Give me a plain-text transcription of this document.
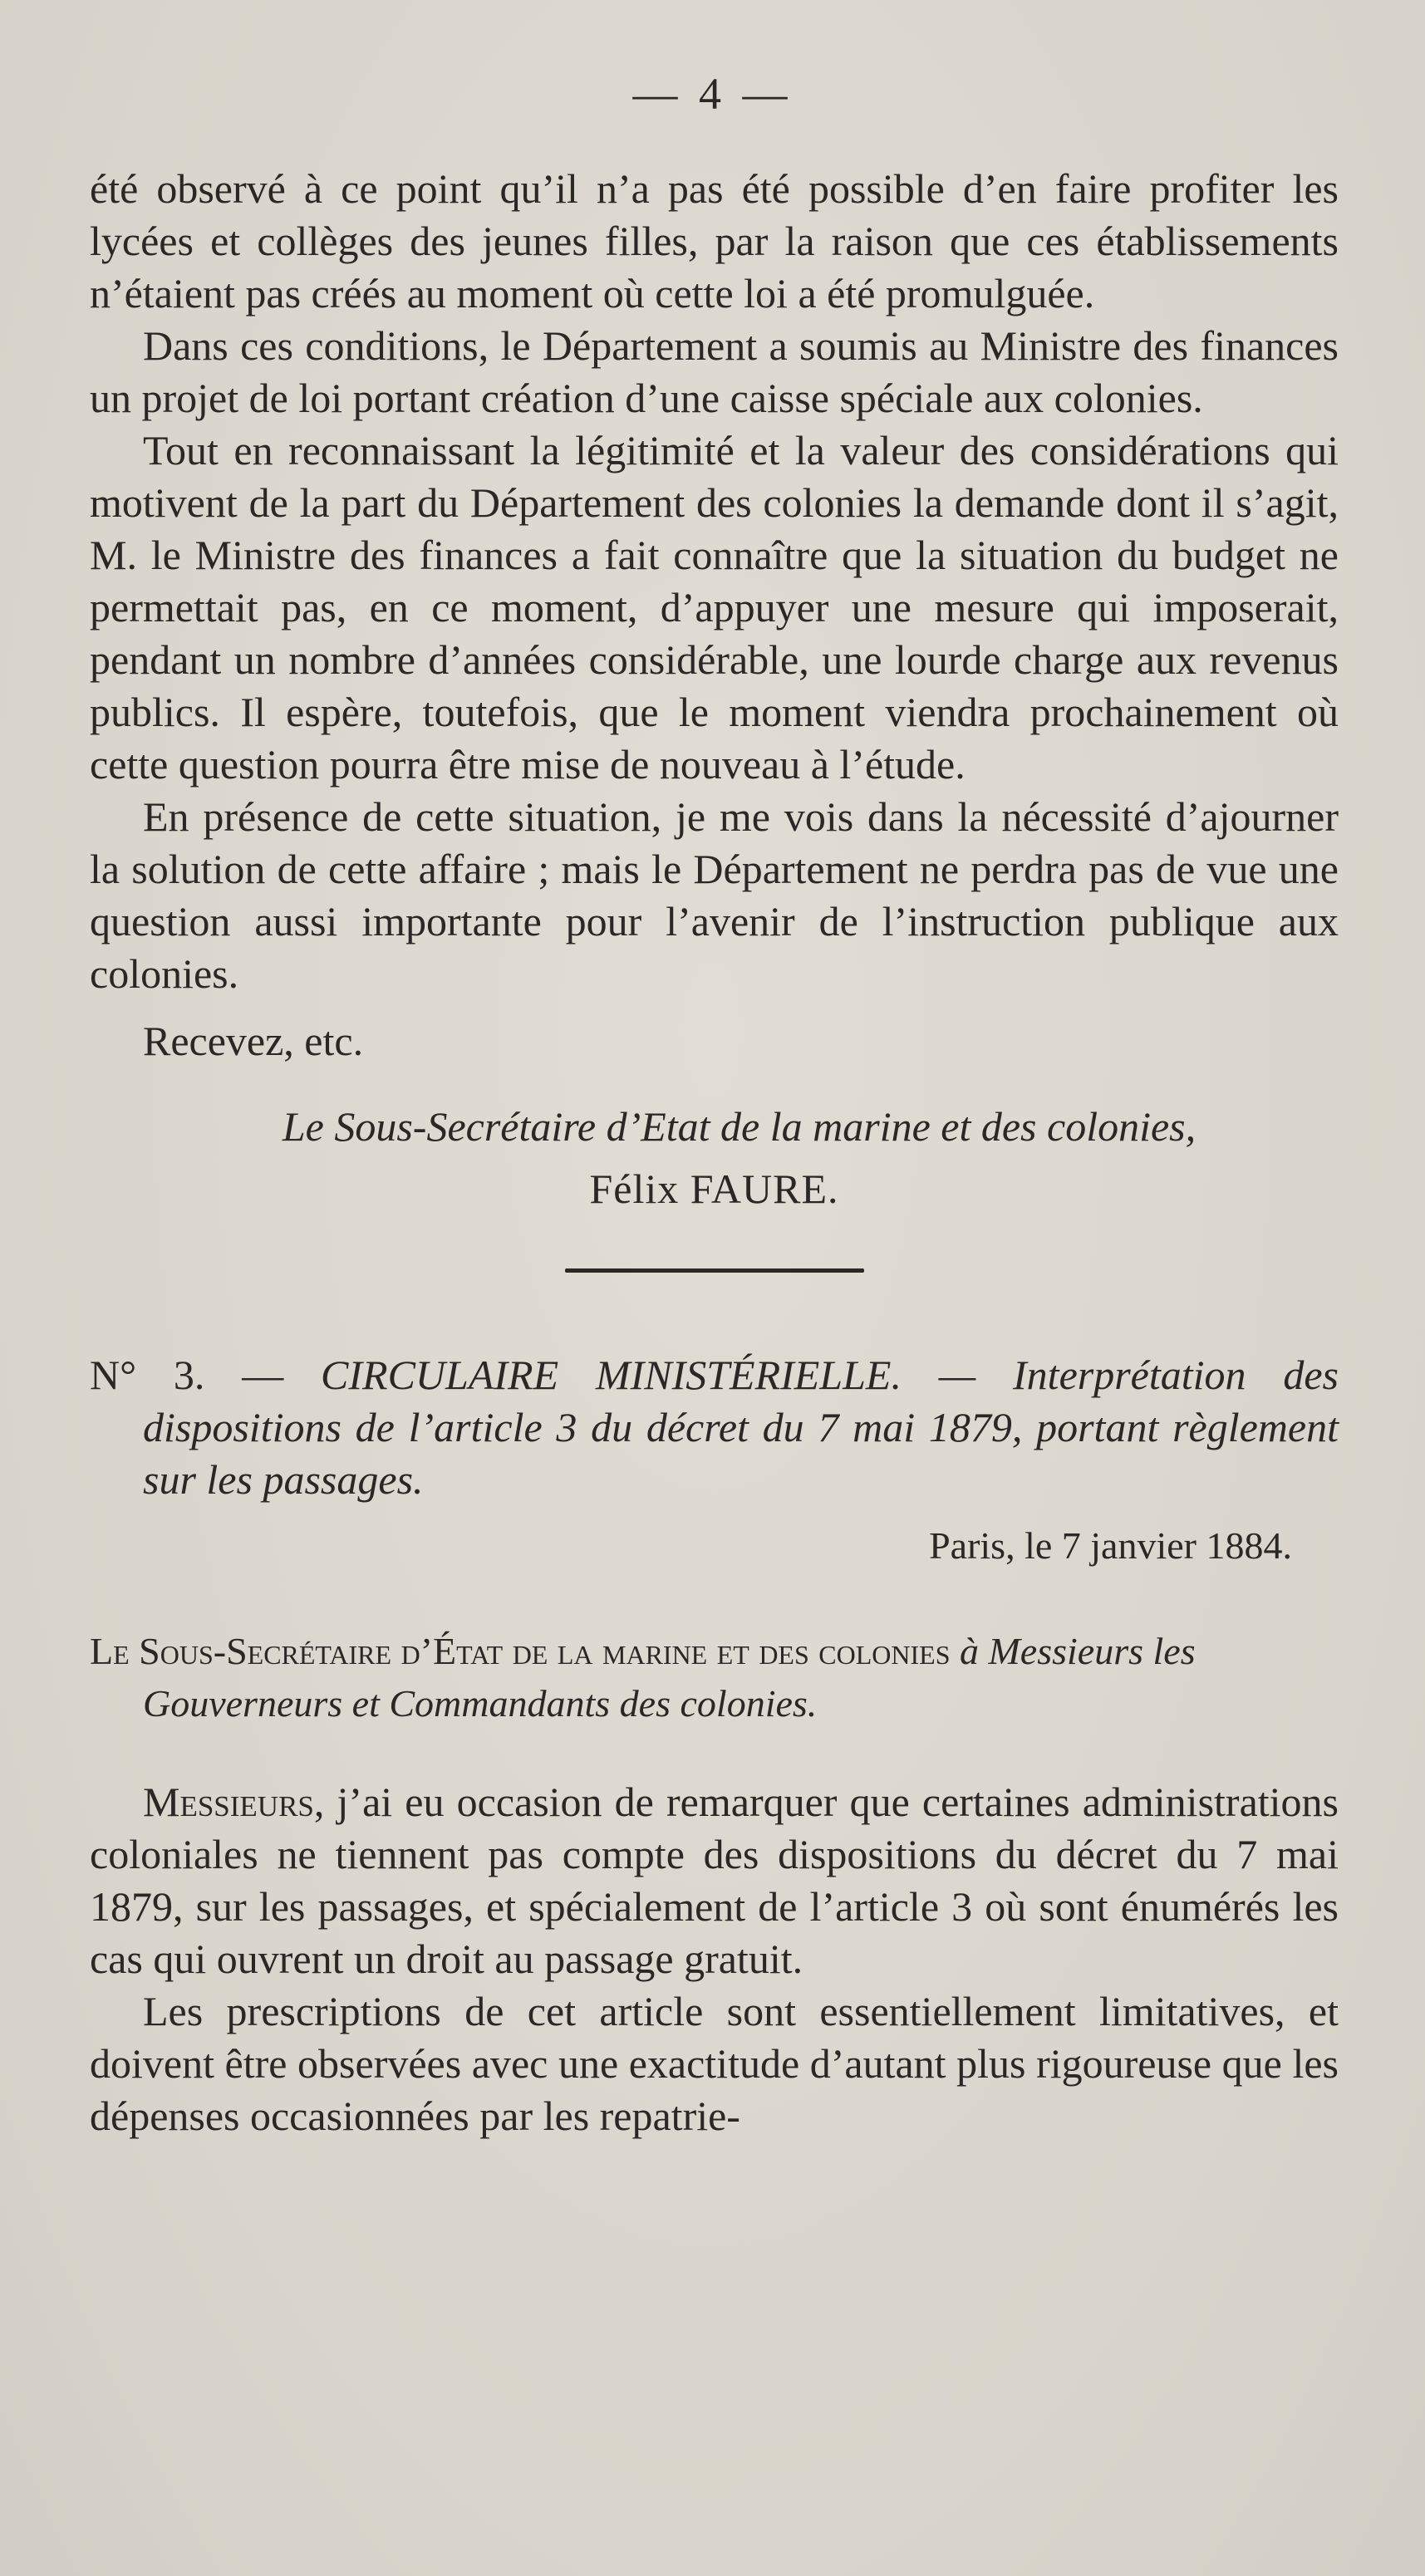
— 4 —

été observé à ce point qu’il n’a pas été possible d’en faire profiter les lycées et collèges des jeunes filles, par la raison que ces établissements n’étaient pas créés au moment où cette loi a été promulguée.

Dans ces conditions, le Département a soumis au Ministre des finances un projet de loi portant création d’une caisse spéciale aux colonies.

Tout en reconnaissant la légitimité et la valeur des considérations qui motivent de la part du Département des colonies la demande dont il s’agit, M. le Ministre des finances a fait connaître que la situation du budget ne permettait pas, en ce moment, d’appuyer une mesure qui imposerait, pendant un nombre d’années considérable, une lourde charge aux revenus publics. Il espère, toutefois, que le moment viendra prochainement où cette question pourra être mise de nouveau à l’étude.

En présence de cette situation, je me vois dans la nécessité d’ajourner la solution de cette affaire ; mais le Département ne perdra pas de vue une question aussi importante pour l’avenir de l’instruction publique aux colonies.

Recevez, etc.

Le Sous-Secrétaire d’Etat de la marine et des colonies,
Félix FAURE.
N° 3. — CIRCULAIRE MINISTÉRIELLE. — Interprétation des dispositions de l’article 3 du décret du 7 mai 1879, portant règlement sur les passages.
Paris, le 7 janvier 1884.
Le Sous-Secrétaire d’État de la marine et des colonies à Messieurs les Gouverneurs et Commandants des colonies.

Messieurs, j’ai eu occasion de remarquer que certaines administrations coloniales ne tiennent pas compte des dispositions du décret du 7 mai 1879, sur les passages, et spécialement de l’article 3 où sont énumérés les cas qui ouvrent un droit au passage gratuit.

Les prescriptions de cet article sont essentiellement limitatives, et doivent être observées avec une exactitude d’autant plus rigoureuse que les dépenses occasionnées par les repatrie-
